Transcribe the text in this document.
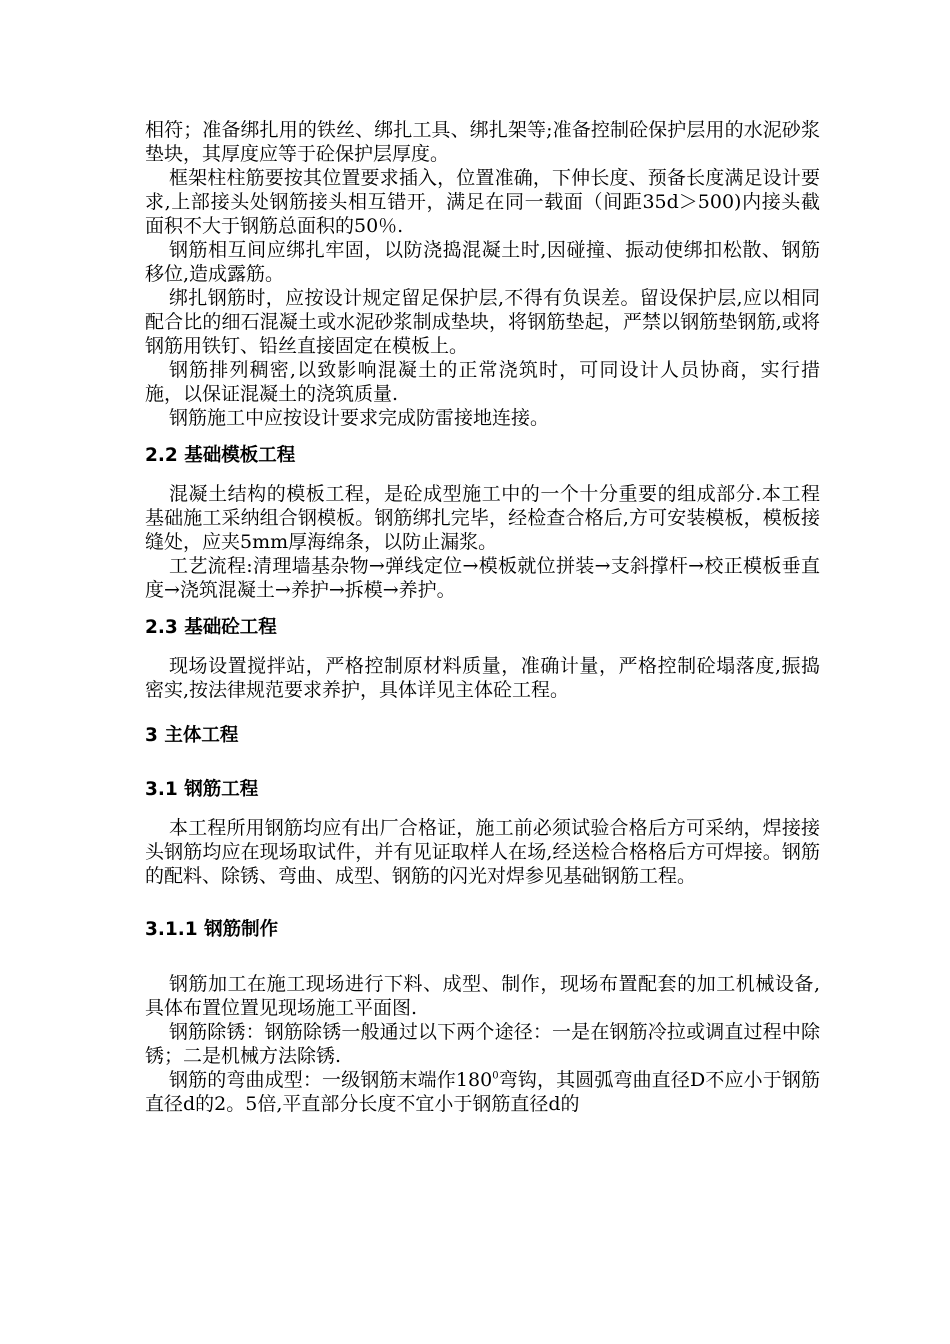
相符；准备绑扎用的铁丝、绑扎工具、绑扎架等;准备控制砼保护层用的水泥砂浆垫块，其厚度应等于砼保护层厚度。

框架柱柱筋要按其位置要求插入，位置准确，下伸长度、预备长度满足设计要求,上部接头处钢筋接头相互错开，满足在同一载面（间距35d＞500)内接头截面积不大于钢筋总面积的50％.

钢筋相互间应绑扎牢固，以防浇捣混凝土时,因碰撞、振动使绑扣松散、钢筋移位,造成露筋。

绑扎钢筋时，应按设计规定留足保护层,不得有负误差。留设保护层,应以相同配合比的细石混凝土或水泥砂浆制成垫块，将钢筋垫起，严禁以钢筋垫钢筋,或将钢筋用铁钉、铅丝直接固定在模板上。

钢筋排列稠密,以致影响混凝土的正常浇筑时，可同设计人员协商，实行措施，以保证混凝土的浇筑质量.

钢筋施工中应按设计要求完成防雷接地连接。

2.2 基础模板工程

混凝土结构的模板工程，是砼成型施工中的一个十分重要的组成部分.本工程基础施工采纳组合钢模板。钢筋绑扎完毕，经检查合格后,方可安装模板，模板接缝处，应夹5mm厚海绵条，以防止漏浆。

工艺流程:清理墙基杂物→弹线定位→模板就位拼装→支斜撑杆→校正模板垂直度→浇筑混凝土→养护→拆模→养护。

2.3 基础砼工程

现场设置搅拌站，严格控制原材料质量，准确计量，严格控制砼塌落度,振捣密实,按法律规范要求养护，具体详见主体砼工程。

3 主体工程
3.1 钢筋工程

本工程所用钢筋均应有出厂合格证，施工前必须试验合格后方可采纳，焊接接头钢筋均应在现场取试件，并有见证取样人在场,经送检合格格后方可焊接。钢筋的配料、除锈、弯曲、成型、钢筋的闪光对焊参见基础钢筋工程。

3.1.1 钢筋制作

钢筋加工在施工现场进行下料、成型、制作，现场布置配套的加工机械设备,具体布置位置见现场施工平面图.

钢筋除锈：钢筋除锈一般通过以下两个途径：一是在钢筋冷拉或调直过程中除锈；二是机械方法除锈.

钢筋的弯曲成型：一级钢筋末端作$180^0$弯钩，其圆弧弯曲直径D不应小于钢筋直径d的2。5倍,平直部分长度不宜小于钢筋直径d的
